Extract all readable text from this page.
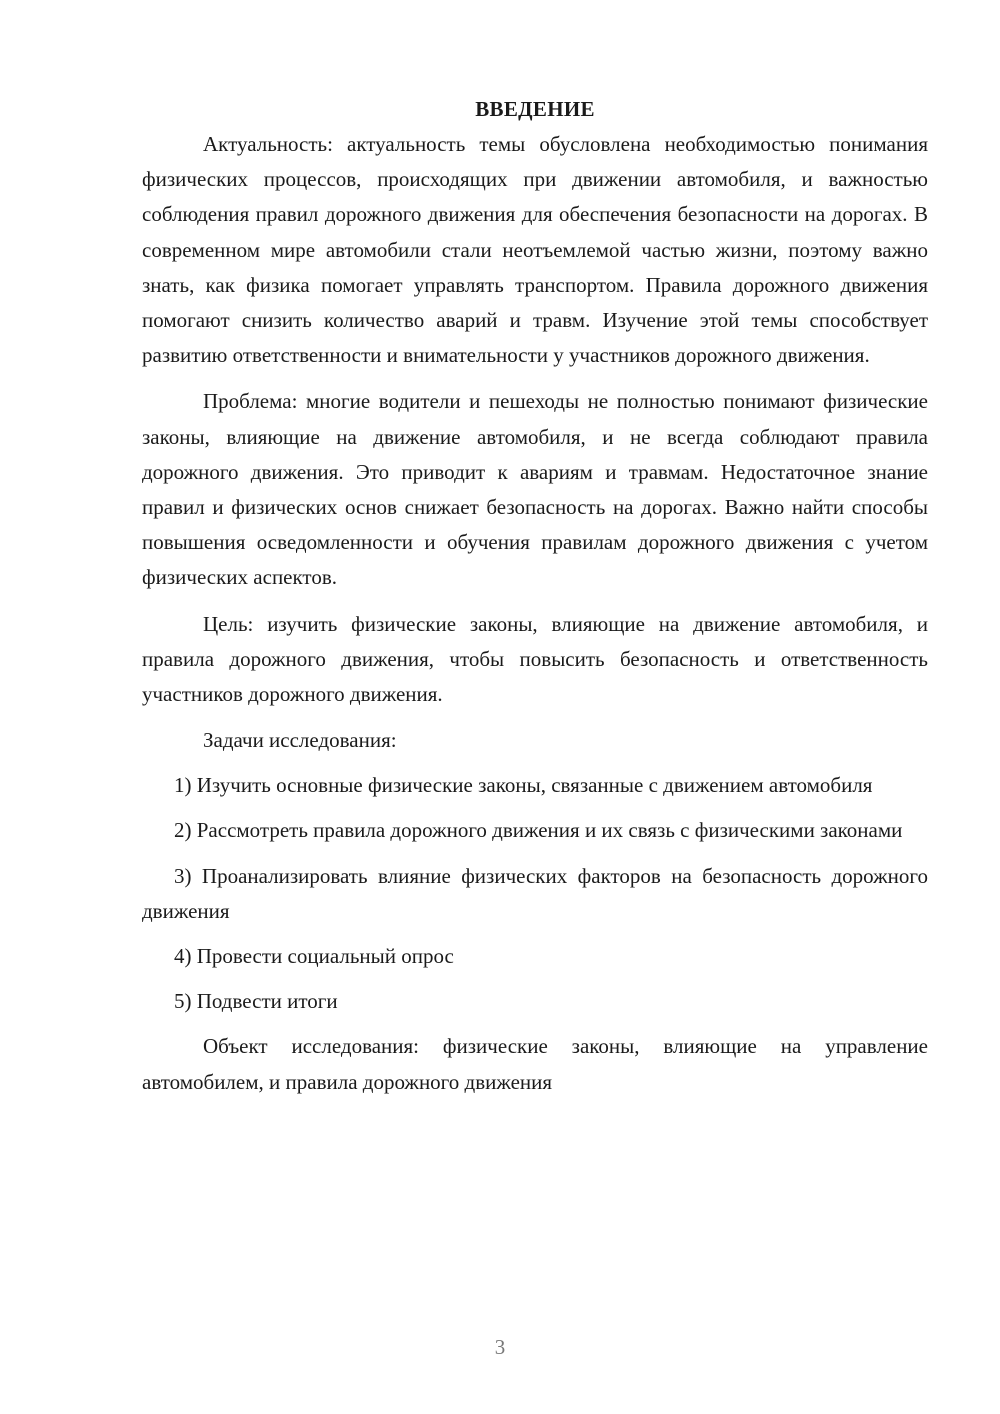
ВВЕДЕНИЕ

Актуальность: актуальность темы обусловлена необходимостью понимания физических процессов, происходящих при движении автомобиля, и важностью соблюдения правил дорожного движения для обеспечения безопасности на дорогах. В современном мире автомобили стали неотъемлемой частью жизни, поэтому важно знать, как физика помогает управлять транспортом. Правила дорожного движения помогают снизить количество аварий и травм. Изучение этой темы способствует развитию ответственности и внимательности у участников дорожного движения.

Проблема: многие водители и пешеходы не полностью понимают физические законы, влияющие на движение автомобиля, и не всегда соблюдают правила дорожного движения. Это приводит к авариям и травмам. Недостаточное знание правил и физических основ снижает безопасность на дорогах. Важно найти способы повышения осведомленности и обучения правилам дорожного движения с учетом физических аспектов.

Цель: изучить физические законы, влияющие на движение автомобиля, и правила дорожного движения, чтобы повысить безопасность и ответственность участников дорожного движения.

Задачи исследования:

1) Изучить основные физические законы, связанные с движением автомобиля

2) Рассмотреть правила дорожного движения и их связь с физическими законами

3) Проанализировать влияние физических факторов на безопасность дорожного движения

4) Провести социальный опрос

5) Подвести итоги

Объект исследования: физические законы, влияющие на управление автомобилем, и правила дорожного движения

3
